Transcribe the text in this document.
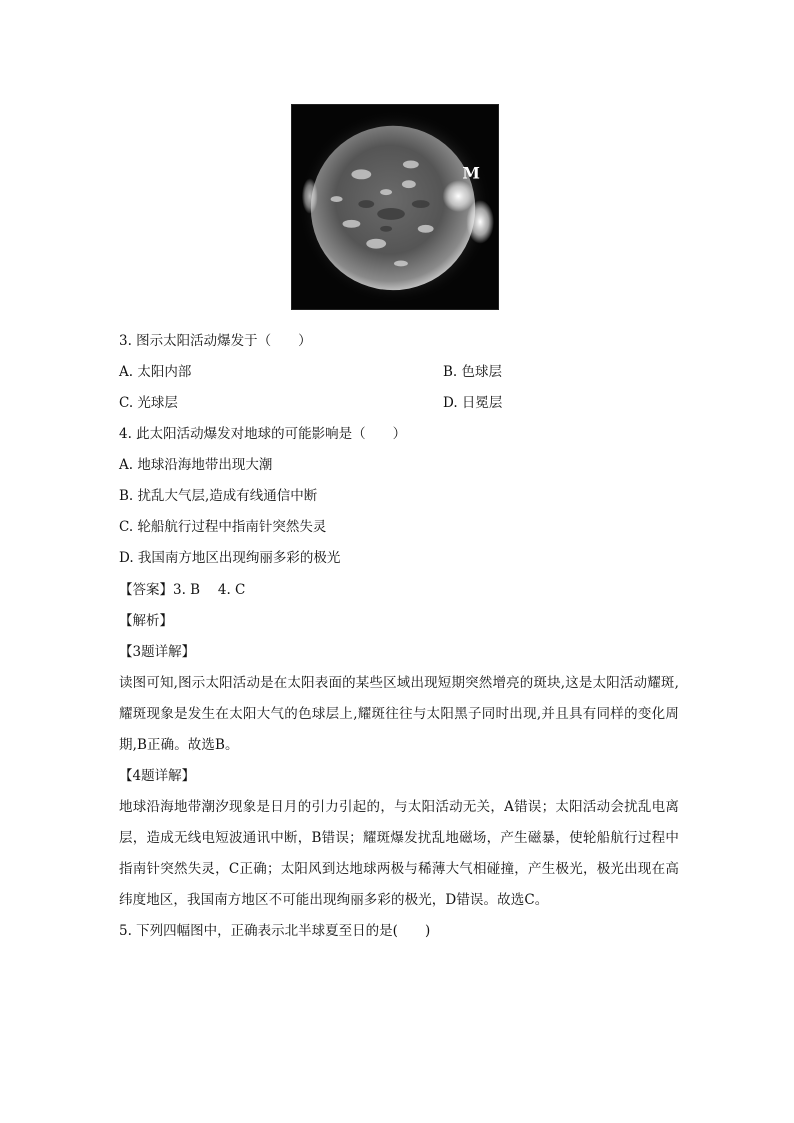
M
3. 图示太阳活动爆发于（　　）
A. 太阳内部	B. 色球层
C. 光球层	D. 日冕层
4. 此太阳活动爆发对地球的可能影响是（　　）
A. 地球沿海地带出现大潮
B. 扰乱大气层,造成有线通信中断
C. 轮船航行过程中指南针突然失灵
D. 我国南方地区出现绚丽多彩的极光
【答案】3. B　 4. C
【解析】
【3题详解】
读图可知,图示太阳活动是在太阳表面的某些区域出现短期突然增亮的斑块,这是太阳活动耀斑,耀斑现象是发生在太阳大气的色球层上,耀斑往往与太阳黑子同时出现,并且具有同样的变化周期,B正确。故选B。
【4题详解】
地球沿海地带潮汐现象是日月的引力引起的，与太阳活动无关，A错误；太阳活动会扰乱电离层，造成无线电短波通讯中断，B错误；耀斑爆发扰乱地磁场，产生磁暴，使轮船航行过程中指南针突然失灵，C正确；太阳风到达地球两极与稀薄大气相碰撞，产生极光，极光出现在高纬度地区，我国南方地区不可能出现绚丽多彩的极光，D错误。故选C。
5. 下列四幅图中，正确表示北半球夏至日的是(　　)
